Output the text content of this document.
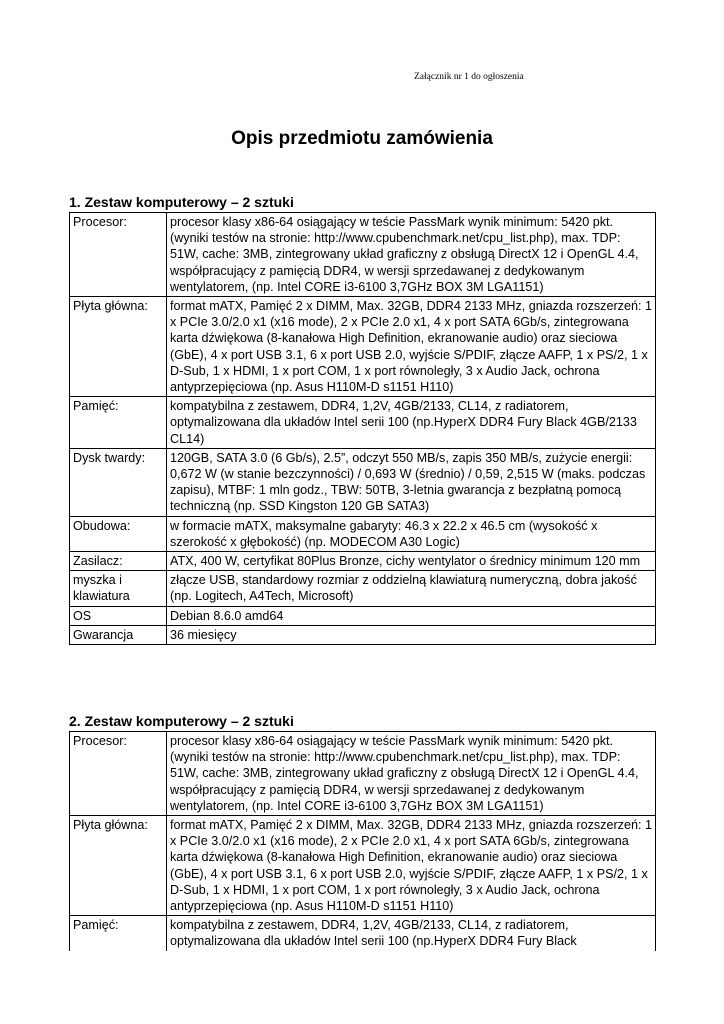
Załącznik nr 1 do ogłoszenia
Opis przedmiotu zamówienia
1. Zestaw komputerowy – 2 sztuki
Procesor:	procesor klasy x86-64 osiągający w teście PassMark wynik minimum: 5420 pkt. (wyniki testów na stronie: http://www.cpubenchmark.net/cpu_list.php), max. TDP: 51W, cache: 3MB, zintegrowany układ graficzny z obsługą DirectX 12 i OpenGL 4.4, współpracujący z pamięcią DDR4, w wersji sprzedawanej z dedykowanym wentylatorem, (np. Intel CORE i3-6100 3,7GHz BOX 3M LGA1151)
Płyta główna:	format mATX, Pamięć 2 x DIMM, Max. 32GB, DDR4 2133 MHz, gniazda rozszerzeń: 1 x PCIe 3.0/2.0 x1 (x16 mode), 2 x PCIe 2.0 x1, 4 x port SATA 6Gb/s, zintegrowana karta dźwiękowa (8-kanałowa High Definition, ekranowanie audio) oraz sieciowa (GbE), 4 x port USB 3.1, 6 x port USB 2.0, wyjście S/PDIF, złącze AAFP, 1 x PS/2, 1 x D-Sub, 1 x HDMI, 1 x port COM, 1 x port równoległy, 3 x Audio Jack, ochrona antyprzepięciowa (np. Asus H110M-D s1151 H110)
Pamięć:	kompatybilna z zestawem, DDR4, 1,2V, 4GB/2133, CL14, z radiatorem, optymalizowana dla układów Intel serii 100 (np.HyperX DDR4 Fury Black 4GB/2133 CL14)
Dysk twardy:	120GB, SATA 3.0 (6 Gb/s), 2.5”, odczyt 550 MB/s, zapis 350 MB/s, zużycie energii: 0,672 W (w stanie bezczynności) / 0,693 W (średnio) / 0,59, 2,515 W (maks. podczas zapisu), MTBF: 1 mln godz., TBW: 50TB, 3-letnia gwarancja z bezpłatną pomocą techniczną (np. SSD Kingston 120 GB SATA3)
Obudowa:	w formacie mATX, maksymalne gabaryty: 46.3 x 22.2 x 46.5 cm (wysokość x szerokość x głębokość) (np. MODECOM A30 Logic)
Zasilacz:	ATX, 400 W, certyfikat 80Plus Bronze, cichy wentylator o średnicy minimum 120 mm
myszka i klawiatura	złącze USB, standardowy rozmiar z oddzielną klawiaturą numeryczną, dobra jakość (np. Logitech, A4Tech, Microsoft)
OS	Debian 8.6.0 amd64
Gwarancja	36 miesięcy
2. Zestaw komputerowy – 2 sztuki
Procesor:	procesor klasy x86-64 osiągający w teście PassMark wynik minimum: 5420 pkt. (wyniki testów na stronie: http://www.cpubenchmark.net/cpu_list.php), max. TDP: 51W, cache: 3MB, zintegrowany układ graficzny z obsługą DirectX 12 i OpenGL 4.4, współpracujący z pamięcią DDR4, w wersji sprzedawanej z dedykowanym wentylatorem, (np. Intel CORE i3-6100 3,7GHz BOX 3M LGA1151)
Płyta główna:	format mATX, Pamięć 2 x DIMM, Max. 32GB, DDR4 2133 MHz, gniazda rozszerzeń: 1 x PCIe 3.0/2.0 x1 (x16 mode), 2 x PCIe 2.0 x1, 4 x port SATA 6Gb/s, zintegrowana karta dźwiękowa (8-kanałowa High Definition, ekranowanie audio) oraz sieciowa (GbE), 4 x port USB 3.1, 6 x port USB 2.0, wyjście S/PDIF, złącze AAFP, 1 x PS/2, 1 x D-Sub, 1 x HDMI, 1 x port COM, 1 x port równoległy, 3 x Audio Jack, ochrona antyprzepięciowa (np. Asus H110M-D s1151 H110)
Pamięć:	kompatybilna z zestawem, DDR4, 1,2V, 4GB/2133, CL14, z radiatorem, optymalizowana dla układów Intel serii 100 (np.HyperX DDR4 Fury Black
